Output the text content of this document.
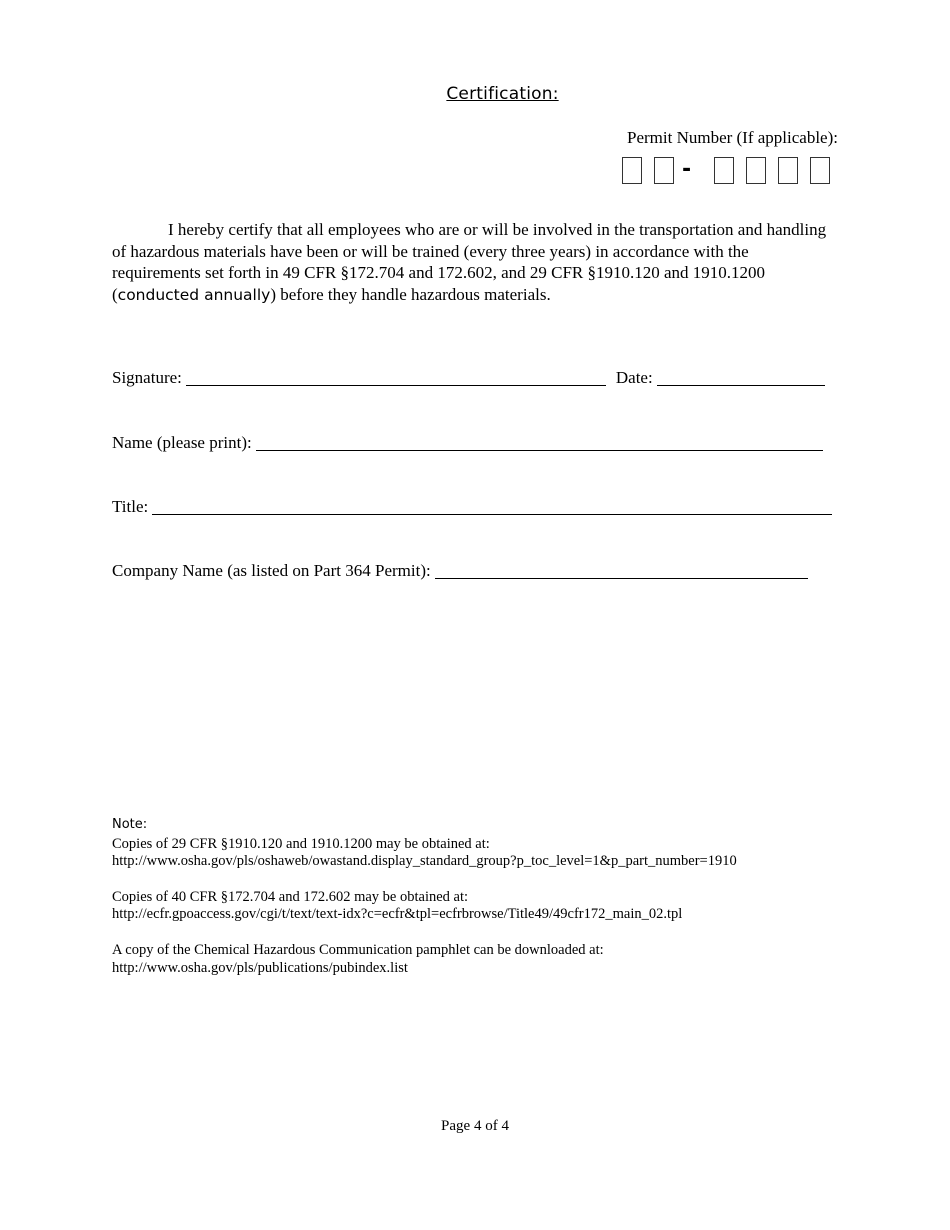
Certification:
Permit Number (If applicable):
-
I hereby certify that all employees who are or will be involved in the transportation and handling of hazardous materials have been or will be trained (every three years) in accordance with the requirements set forth in 49 CFR §172.704 and 172.602, and 29 CFR §1910.120 and 1910.1200 (conducted annually) before they handle hazardous materials.
Signature:	Date:
Name (please print):
Title:
Company Name (as listed on Part 364 Permit):
Note:
Copies of 29 CFR §1910.120 and 1910.1200 may be obtained at:
http://www.osha.gov/pls/oshaweb/owastand.display_standard_group?p_toc_level=1&p_part_number=1910
Copies of 40 CFR §172.704 and 172.602 may be obtained at:
http://ecfr.gpoaccess.gov/cgi/t/text/text-idx?c=ecfr&tpl=ecfrbrowse/Title49/49cfr172_main_02.tpl
A copy of the Chemical Hazardous Communication pamphlet can be downloaded at:
http://www.osha.gov/pls/publications/pubindex.list
Page 4 of 4
